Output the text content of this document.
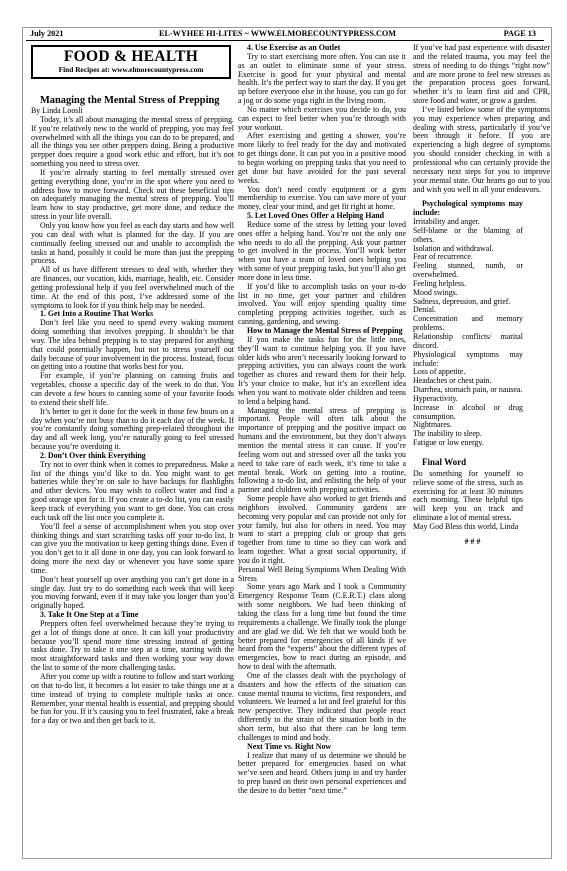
July 2021	EL-WYHEE HI-LITES ~ WWW.ELMORECOUNTYPRESS.COM	PAGE 13
FOOD & HEALTH
Find Recipes at: www.elmorecountypress.com
Managing the Mental Stress of Prepping

By Linda Loosli

Today, it’s all about managing the mental stress of prepping. If you’re relatively new to the world of prepping, you may feel overwhelmed with all the things you can do to be prepared, and all the things you see other preppers doing. Being a productive prepper does require a good work ethic and effort, but it’s not something you need to stress over.

If you’re already starting to feel mentally stressed over getting everything done, you’re in the spot where you need to address how to move forward. Check out these beneficial tips on adequately managing the mental stress of prepping. You’ll learn how to stay productive, get more done, and reduce the stress in your life overall.

Only you know how you feel as each day starts and how well you can deal with what is planned for the day. If you are continually feeling stressed out and unable to accomplish the tasks at hand, possibly it could be more than just the prepping process.

All of us have different stresses to deal with, whether they are finances, our vocation, kids, marriage, health, etc. Consider getting professional help if you feel overwhelmed much of the time. At the end of this post, I’ve addressed some of the symptoms to look for if you think help may be needed.

1. Get Into a Routine That Works

Don’t feel like you need to spend every waking moment doing something that involves prepping. It shouldn’t be that way. The idea behind prepping is to stay prepared for anything that could potentially happen, but not to stress yourself out daily because of your involvement in the process. Instead, focus on getting into a routine that works best for you.

For example, if you’re planning on canning fruits and vegetables, choose a specific day of the week to do that. You can devote a few hours to canning some of your favorite foods to extend their shelf life.

It’s better to get it done for the week in those few hours on a day when you’re not busy than to do it each day of the week. If you’re constantly doing something prep-related throughout the day and all week long, you’re naturally going to feel stressed because you’re overdoing it.

2. Don’t Over think Everything

Try not to over think when it comes to preparedness. Make a list of the things you’d like to do. You might want to get batteries while they’re on sale to have backups for flashlights and other devices. You may wish to collect water and find a good storage spot for it. If you create a to-do list, you can easily keep track of everything you want to get done. You can cross each task off the list once you complete it.

You’ll feel a sense of accomplishment when you stop over thinking things and start scratching tasks off your to-do list. It can give you the motivation to keep getting things done. Even if you don’t get to it all done in one day, you can look forward to doing more the next day or whenever you have some spare time.

Don’t beat yourself up over anything you can’t get done in a single day. Just try to do something each week that will keep you moving forward, even if it may take you longer than you’d originally hoped.

3. Take It One Step at a Time

Preppers often feel overwhelmed because they’re trying to get a lot of things done at once. It can kill your productivity because you’ll spend more time stressing instead of getting tasks done. Try to take it one step at a time, starting with the most straightforward tasks and then working your way down the list to some of the more challenging tasks.

After you come up with a routine to follow and start working on that to-do list, it becomes a lot easier to take things one at a time instead of trying to complete multiple tasks at once. Remember, your mental health is essential, and prepping should be fun for you. If it’s causing you to feel frustrated, take a break for a day or two and then get back to it.

4. Use Exercise as an Outlet

Try to start exercising more often. You can use it as an outlet to eliminate some of your stress. Exercise is good for your physical and mental health. It’s the perfect way to start the day. If you get up before everyone else in the house, you can go for a jog or do some yoga right in the living room.

No matter which exercises you decide to do, you can expect to feel better when you’re through with your workout.

After exercising and getting a shower, you’re more likely to feel ready for the day and motivated to get things done. It can put you in a positive mood to begin working on prepping tasks that you need to get done but have avoided for the past several weeks.

You don’t need costly equipment or a gym membership to exercise. You can save more of your money, clear your mind, and get fit right at home.

5. Let Loved Ones Offer a Helping Hand

Reduce some of the stress by letting your loved ones offer a helping hand. You’re not the only one who needs to do all the prepping. Ask your partner to get involved in the process. You’ll work better when you have a team of loved ones helping you with some of your prepping tasks, but you’ll also get more done in less time.

If you’d like to accomplish tasks on your to-do list in no time, get your partner and children involved. You will enjoy spending quality time completing prepping activities together, such as canning, gardening, and sewing.

How to Manage the Mental Stress of Prepping

If you make the tasks fun for the little ones, they’ll want to continue helping you. If you have older kids who aren’t necessarily looking forward to prepping activities, you can always count the work together as chores and reward them for their help. It’s your choice to make, but it’s an excellent idea when you want to motivate older children and teens to lend a helping hand.

Managing the mental stress of prepping is important. People will often talk about the importance of prepping and the positive impact on humans and the environment, but they don’t always mention the mental stress it can cause. If you’re feeling worn out and stressed over all the tasks you need to take care of each week, it’s time to take a mental break. Work on getting into a routine, following a to-do list, and enlisting the help of your partner and children with prepping activities.

Some people have also worked to get friends and neighbors involved. Community gardens are becoming very popular and can provide not only for your family, but also for others in need. You may want to start a prepping club or group that gets together from time to time so they can work and learn together. What a great social opportunity, if you do it right.

Personal Well Being Symptoms When Dealing With Stress

Some years ago Mark and I took a Community Emergency Response Team (C.E.R.T.) class along with some neighbors. We had been thinking of taking the class for a long time but found the time requirements a challenge. We finally took the plunge and are glad we did. We felt that we would both be better prepared for emergencies of all kinds if we heard from the “experts” about the different types of emergencies, how to react during an episode, and how to deal with the aftermath.

One of the classes dealt with the psychology of disasters and how the effects of the situation can cause mental trauma to victims, first responders, and volunteers. We learned a lot and feel grateful for this new perspective. They indicated that people react differently to the strain of the situation both in the short term, but also that there can be long term challenges to mind and body.

Next Time vs. Right Now

I realize that many of us determine we should be better prepared for emergencies based on what we’ve seen and heard. Others jump in and try harder to prep based on their own personal experiences and the desire to do better “next time.”

If you’ve had past experience with disaster and the related trauma, you may feel the stress of needing to do things “right now” and are more prone to feel new stresses as the preparation process goes forward, whether it’s to learn first aid and CPR, store food and water, or grow a garden.

I’ve listed below some of the symptoms you may experience when preparing and dealing with stress, particularly if you’ve been through it before. If you are experiencing a high degree of symptoms you should consider checking in with a professional who can certainly provide the necessary next steps for you to improve your mental state. Our hearts go out to you and wish you well in all your endeavors.

Psychological symptoms may include:

Irritability and anger.

Self-blame or the blaming of others.

Isolation and withdrawal.

Fear of recurrence.

Feeling stunned, numb, or overwhelmed.

Feeling helpless.

Mood swings.

Sadness, depression, and grief.

Denial.

Concentration and memory problems.

Relationship conflicts/ marital discord.

Physiological symptoms may include:

Loss of appetite.

Headaches or chest pain.

Diarrhea, stomach pain, or nausea.

Hyperactivity.

Increase in alcohol or drug consumption.

Nightmares.

The inability to sleep.

Fatigue or low energy.

Final Word

Do something for yourself to relieve some of the stress, such as exercising for at least 30 minutes each morning. These helpful tips will keep you on track and eliminate a lot of mental stress.

May God Bless this world, Linda

# # #
